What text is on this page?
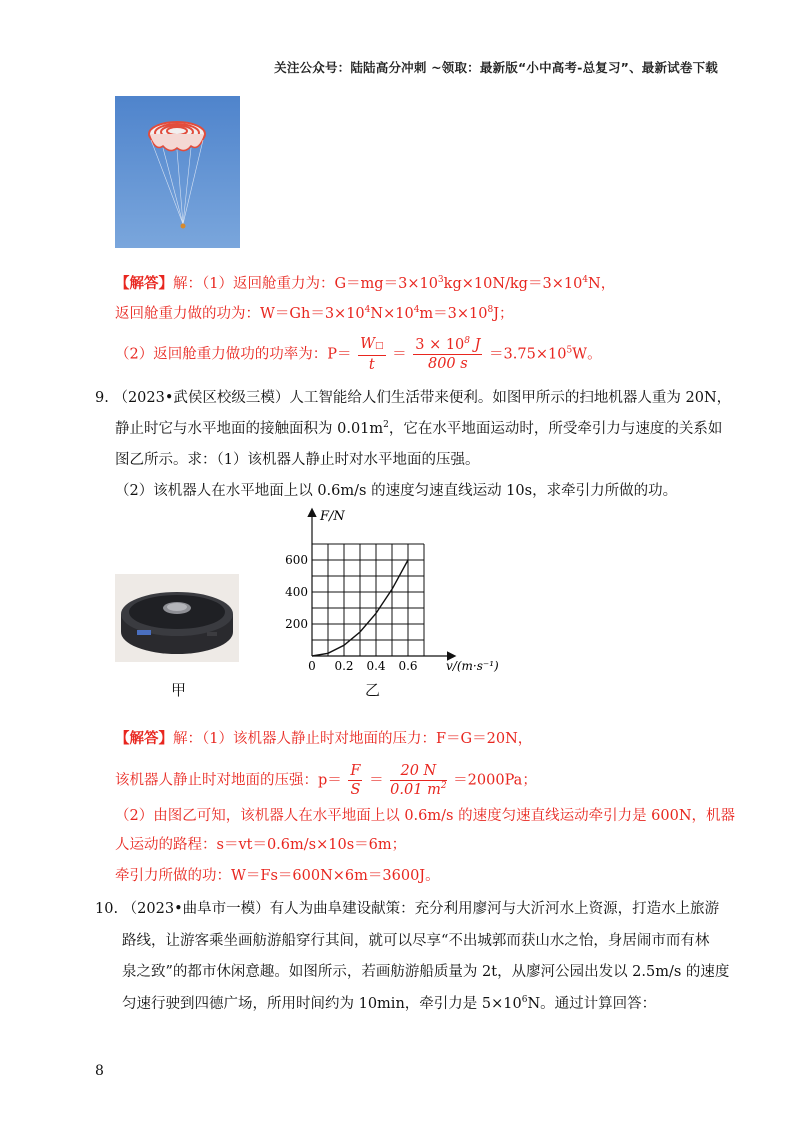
关注公众号：陆陆高分冲刺 ~领取：最新版“小中高考-总复习”、最新试卷下载
【解答】解：（1）返回舱重力为：$G=mg=3\times 10^3kg\times 10N/kg=3\times 10^4N$，
返回舱重力做的功为：$W=Gh=3\times 10^4N\times 10^4m=3\times 10^8J$；
（2）返回舱重力做功的功率为：$P= \frac{W□}{t} = \frac{3 \times 10^8 J}{800 s} =3.75\times 10^5W$。
9. （2023•武侯区校级三模）人工智能给人们生活带来便利。如图甲所示的扫地机器人重为 20N，
静止时它与水平地面的接触面积为 $0.01m^2$，它在水平地面运动时，所受牵引力与速度的关系如
图乙所示。求：（1）该机器人静止时对水平地面的压强。
（2）该机器人在水平地面上以 0.6m/s 的速度匀速直线运动 10s，求牵引力所做的功。
甲
F/N
v/(m·s⁻¹)
0 0.2 0.4 0.6
200
400
600
乙
【解答】解：（1）该机器人静止时对地面的压力：F＝G＝20N，
该机器人静止时对地面的压强：$p= \frac{F}{S} = \frac{20 N}{0.01 m^2} =2000Pa$；
（2）由图乙可知，该机器人在水平地面上以 0.6m/s 的速度匀速直线运动牵引力是 600N，机器
人运动的路程：s＝vt＝0.6m/s×10s＝6m；
牵引力所做的功：W＝Fs＝600N×6m＝3600J。
10. （2023•曲阜市一模）有人为曲阜建设献策：充分利用廖河与大沂河水上资源，打造水上旅游
路线，让游客乘坐画舫游船穿行其间，就可以尽享“不出城郭而获山水之怡，身居闹市而有林
泉之致”的都市休闲意趣。如图所示，若画舫游船质量为 2t，从廖河公园出发以 2.5m/s 的速度
匀速行驶到四德广场，所用时间约为 10min，牵引力是 $5\times 10^6N$。通过计算回答：
8
